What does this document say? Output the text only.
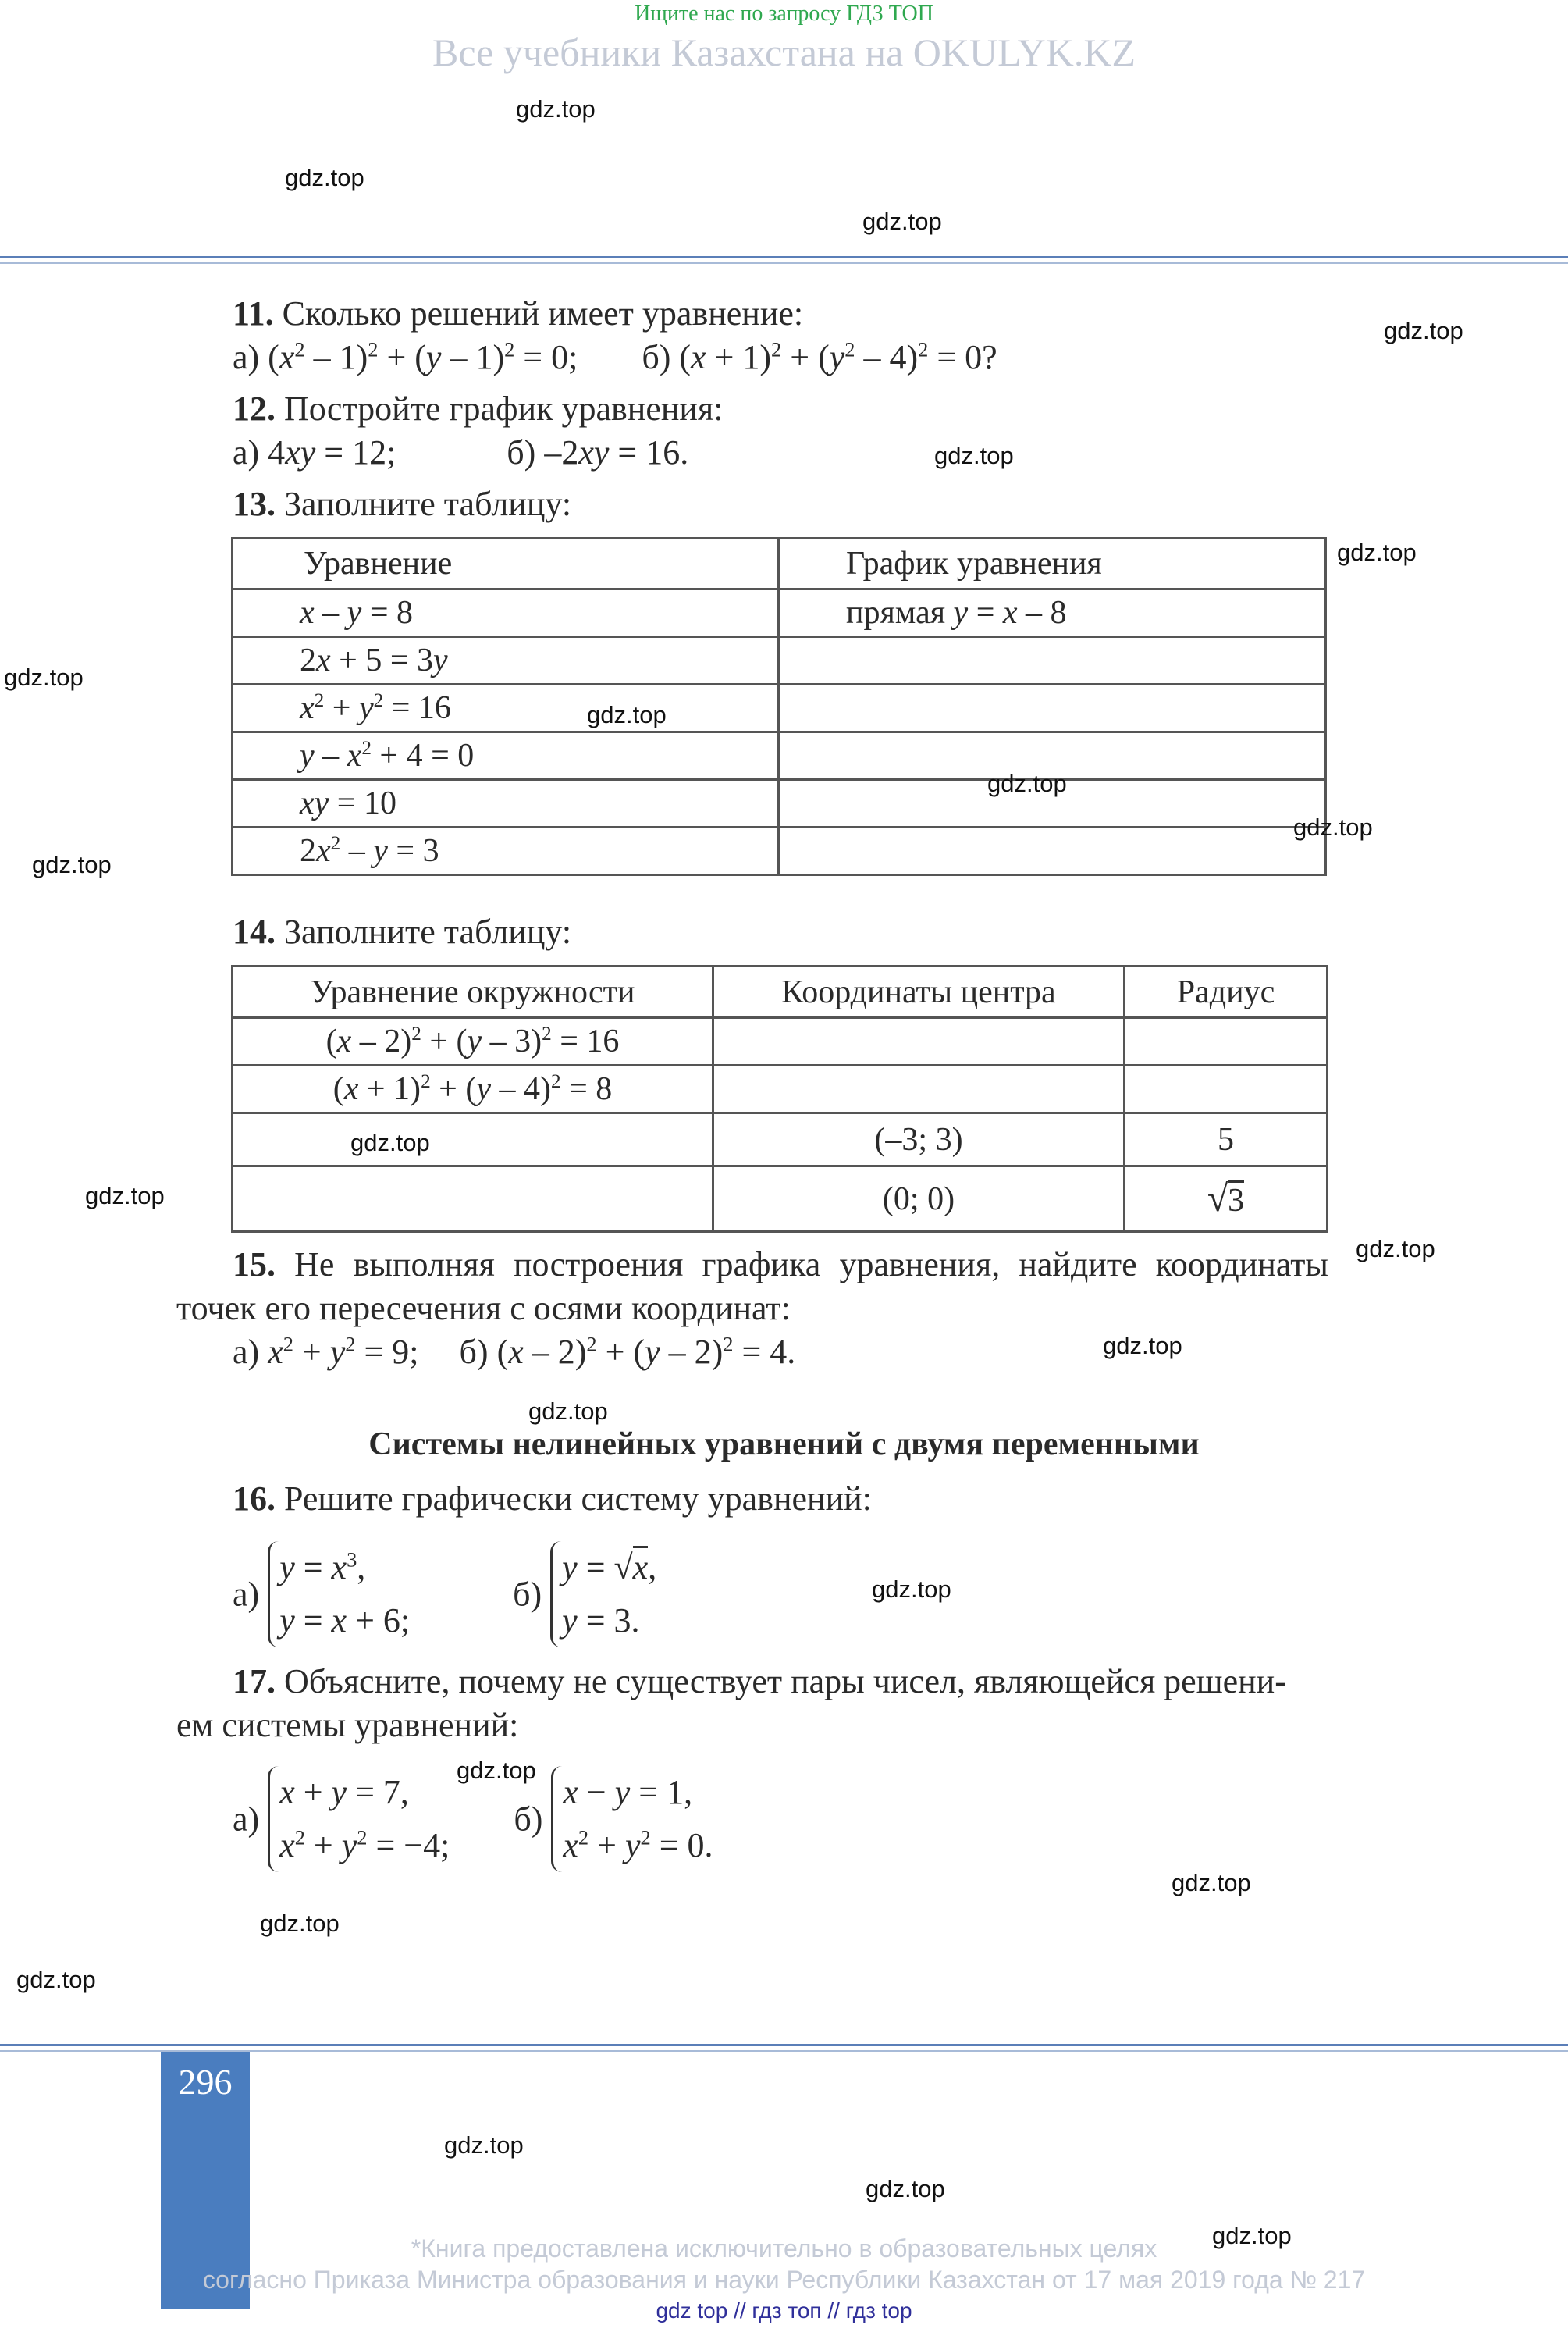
Ищите нас по запросу ГДЗ ТОП
Все учебники Казахстана на OKULYK.KZ
11. Сколько решений имеет уравнение:
а) $(x^2 - 1)^2 + (y - 1)^2 = 0$;  б) $(x + 1)^2 + (y^2 - 4)^2 = 0$?
12. Постройте график уравнения:
а) 4xy = 12;	б) –2xy = 16.
13. Заполните таблицу:
Уравнение	График уравнения
x – y = 8	прямая y = x – 8
2x + 5 = 3y	
$x^2 + y^2 = 16$	
$y - x^2 + 4 = 0$	
xy = 10	
$2x^2 - y = 3$	
14. Заполните таблицу:
Уравнение окружности	Координаты центра	Радиус
(x – 2)$^2$ + (y – 3)$^2$ = 16		
$(x + 1)^2 + (y - 4)^2 = 8$		
	(–3; 3)	5
	(0; 0)	√3
15. Не выполняя построения графика уравнения, найдите координаты
точек его пересечения с осями координат:
а) $x^2 + y^2 = 9$;  б) (x – 2)$^2$ + (y – 2)$^2$ = 4.
Системы нелинейных уравнений с двумя переменными
16. Решите графически систему уравнений:
а) $y = x^3$,
y = x + 6;  б) y = √x,
y = 3.
17. Объясните, почему не существует пары чисел, являющейся решени-
ем системы уравнений:
а) x + y = 7,
$x^2 + y^2 = -4$;  б) x − y = 1,
$x^2 + y^2 = 0$.
296
*Книга предоставлена исключительно в образовательных целях
согласно Приказа Министра образования и науки Республики Казахстан от 17 мая 2019 года № 217
gdz top // гдз топ // гдз top
gdz.top
gdz.top
gdz.top
gdz.top
gdz.top
gdz.top
gdz.top
gdz.top
gdz.top
gdz.top
gdz.top
gdz.top
gdz.top
gdz.top
gdz.top
gdz.top
gdz.top
gdz.top
gdz.top
gdz.top
gdz.top
gdz.top
gdz.top
gdz.top
